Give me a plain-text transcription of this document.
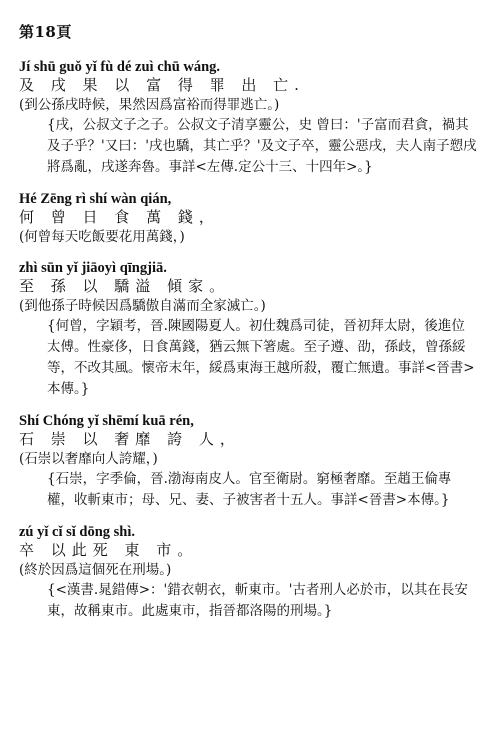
第18頁
Jí shū guǒ yǐ fù dé zuì chū wáng.
及 戌 果 以 富 得 罪 出 亡.
(到公孫戌時候，果然因爲富裕而得罪逃亡。)
{戌，公叔文子之子。公叔文子清享靈公，史 曾曰：'子富而君貪，禍其及子乎？'又曰：'戌也驕，其亡乎？'及文子卒，靈公惡戌，夫人南子愬戌將爲亂，戌遂奔魯。事詳<左傳.定公十三、十四年>。}
Hé Zēng rì shí wàn qián,
何 曾 日 食 萬 錢，
(何曾每天吃飯要花用萬錢，)
zhì sūn yǐ jiāoyì qīngjiā.
至 孫 以 驕溢 傾家。
(到他孫子時候因爲驕傲自滿而全家滅亡。)
{何曾，字穎考，晉.陳國陽夏人。初仕魏爲司徒，晉初拜太尉，後進位太傅。性豪侈，日食萬錢，猶云無下箸處。至子遵、劭，孫歧，曾孫綏等，不改其風。懷帝末年，綏爲東海王越所殺，覆亡無遺。事詳<晉書>本傳。}
Shí Chóng yǐ shēmí kuā rén,
石 崇 以 奢靡 誇 人，
(石崇以奢靡向人誇耀，)
{石崇，字季倫，晉.渤海南皮人。官至衛尉。窮極奢靡。至趙王倫專權，收斬東市；母、兄、妻、子被害者十五人。事詳<晉書>本傳。}
zú yǐ cǐ sǐ dōng shì.
卒 以此死 東 市。
(終於因爲這個死在刑場。)
{<漢書.晁錯傳>：'錯衣朝衣，斬東市。'古者刑人必於市，以其在長安東，故稱東市。此處東市，指晉都洛陽的刑場。}
